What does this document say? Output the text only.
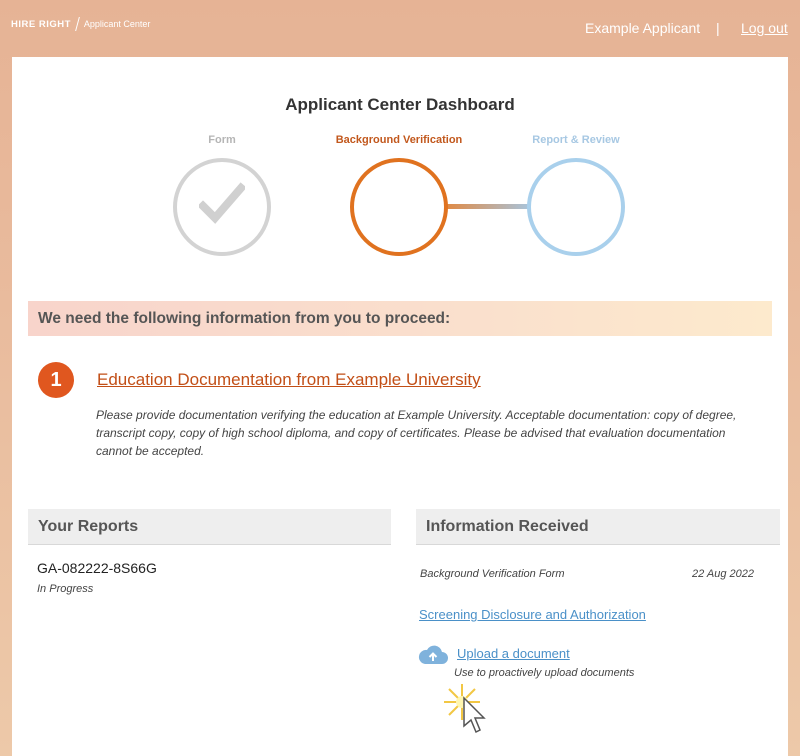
HIRE RIGHT Applicant Center	Example Applicant | Log out
Applicant Center Dashboard
Form	Background Verification	Report & Review
We need the following information from you to proceed:
1	Education Documentation from Example University
Please provide documentation verifying the education at Example University. Acceptable documentation: copy of degree, transcript copy, copy of high school diploma, and copy of certificates. Please be advised that evaluation documentation cannot be accepted.
Your Reports	Information Received
GA-082222-8S66G
In Progress
Background Verification Form	22 Aug 2022
Screening Disclosure and Authorization
Upload a document
Use to proactively upload documents
